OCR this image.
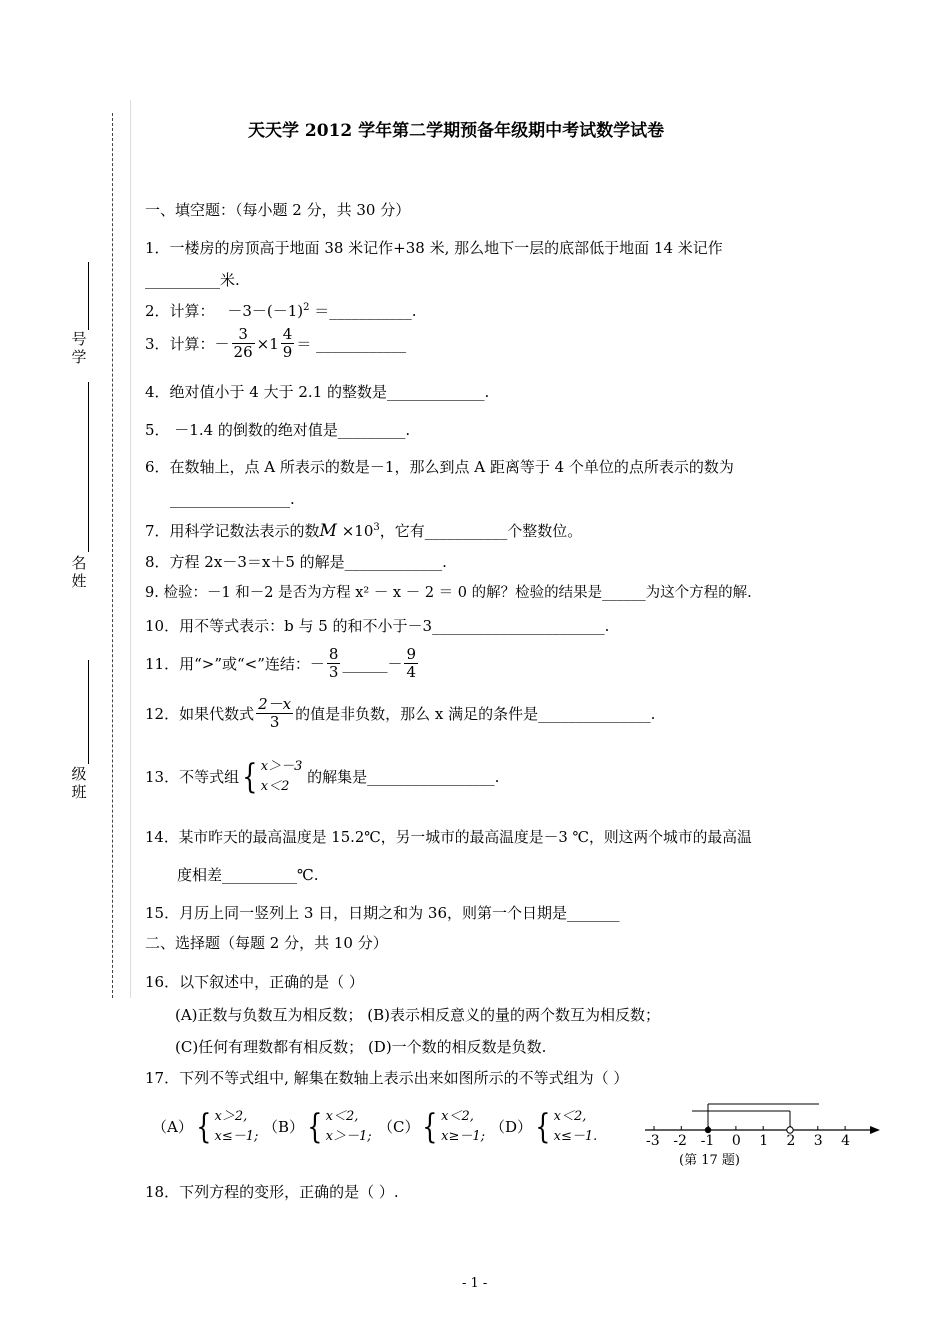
号
学
名
姓
级
班
天天学 2012 学年第二学期预备年级期中考试数学试卷
一、填空题：（每小题 2 分，共 30 分）
1．一楼房的房顶高于地面 38 米记作+38 米, 那么地下一层的底部低于地面 14 米记作
__________米.
2．计算： $-3-(-1)^2$ ＝___________.
3．计算：－ $\frac{3}{26} \times 1 \frac{4}{9}$ ＝ ____________
4．绝对值小于 4 大于 2.1 的整数是_____________.
5． －1.4 的倒数的绝对值是_________.
6．在数轴上，点 A 所表示的数是－1，那么到点 A 距离等于 4 个单位的点所表示的数为
________________.
7．用科学记数法表示的数$M \times 10^3$，它有___________个整数位。
8．方程 2x－3＝x＋5 的解是_____________.
9. 检验：－1 和－2 是否为方程 x² － x － 2 ＝ 0 的解？检验的结果是______为这个方程的解.
10．用不等式表示：b 与 5 的和不小于－3_______________________.
11．用“>”或“<”连结：－ $\frac{8}{3}$ ______－ $\frac{9}{4}$
12．如果代数式 $\frac{2-x}{3}$ 的值是非负数，那么 x 满足的条件是_______________.
13．不等式组{ x＞－3
x＜2
的解集是_________________.
14．某市昨天的最高温度是 15.2℃，另一城市的最高温度是－3 ℃，则这两个城市的最高温
度相差__________℃.
15．月历上同一竖列上 3 日，日期之和为 36，则第一个日期是_______
二、选择题（每题 2 分，共 10 分）
16．以下叙述中，正确的是（ ）
(A)正数与负数互为相反数； (B)表示相反意义的量的两个数互为相反数；
(C)任何有理数都有相反数； (D)一个数的相反数是负数.
17．下列不等式组中, 解集在数轴上表示出来如图所示的不等式组为（ ）
（A）{ x＞2,
x≤－1;
（B）{ x＜2,
x＞－1;
（C）{ x＜2,
x≥－1;
（D）{ x＜2,
x≤－1.	-3 -2 -1 0 1 2 3 4
(第 17 题)
18．下列方程的变形，正确的是（ ）.
- 1 -
